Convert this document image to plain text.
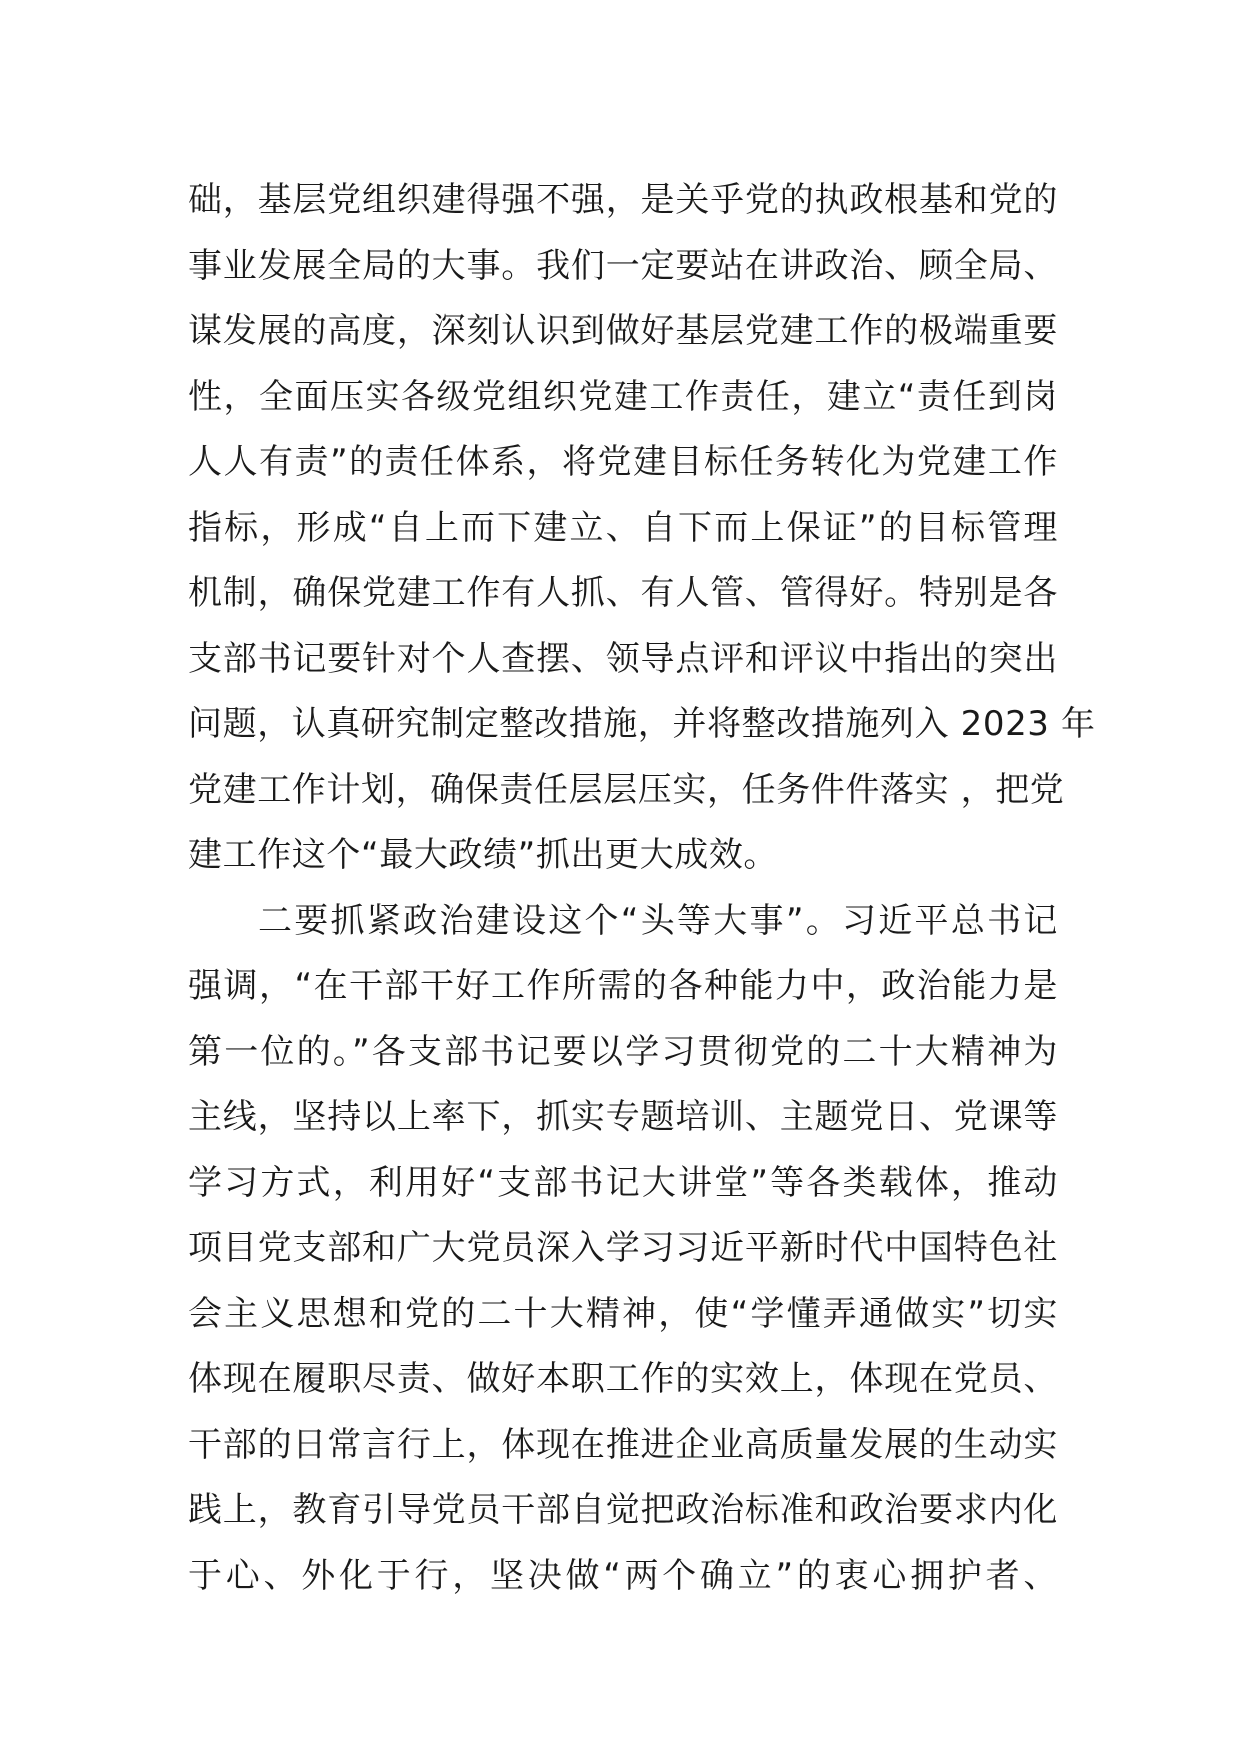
础，基层党组织建得强不强，是关乎党的执政根基和党的
事业发展全局的大事。我们一定要站在讲政治、顾全局、
谋发展的高度，深刻认识到做好基层党建工作的极端重要
性，全面压实各级党组织党建工作责任，建立“责任到岗
人人有责”的责任体系，将党建目标任务转化为党建工作
指标，形成“自上而下建立、自下而上保证”的目标管理
机制，确保党建工作有人抓、有人管、管得好。特别是各
支部书记要针对个人查摆、领导点评和评议中指出的突出
问题，认真研究制定整改措施，并将整改措施列入 2023 年
党建工作计划，确保责任层层压实，任务件件落实 ，把党
建工作这个“最大政绩”抓出更大成效。
二要抓紧政治建设这个“头等大事”。习近平总书记
强调，“在干部干好工作所需的各种能力中，政治能力是
第一位的。”各支部书记要以学习贯彻党的二十大精神为
主线，坚持以上率下，抓实专题培训、主题党日、党课等
学习方式，利用好“支部书记大讲堂”等各类载体，推动
项目党支部和广大党员深入学习习近平新时代中国特色社
会主义思想和党的二十大精神，使“学懂弄通做实”切实
体现在履职尽责、做好本职工作的实效上，体现在党员、
干部的日常言行上，体现在推进企业高质量发展的生动实
践上，教育引导党员干部自觉把政治标准和政治要求内化
于心、外化于行，坚决做“两个确立”的衷心拥护者、
